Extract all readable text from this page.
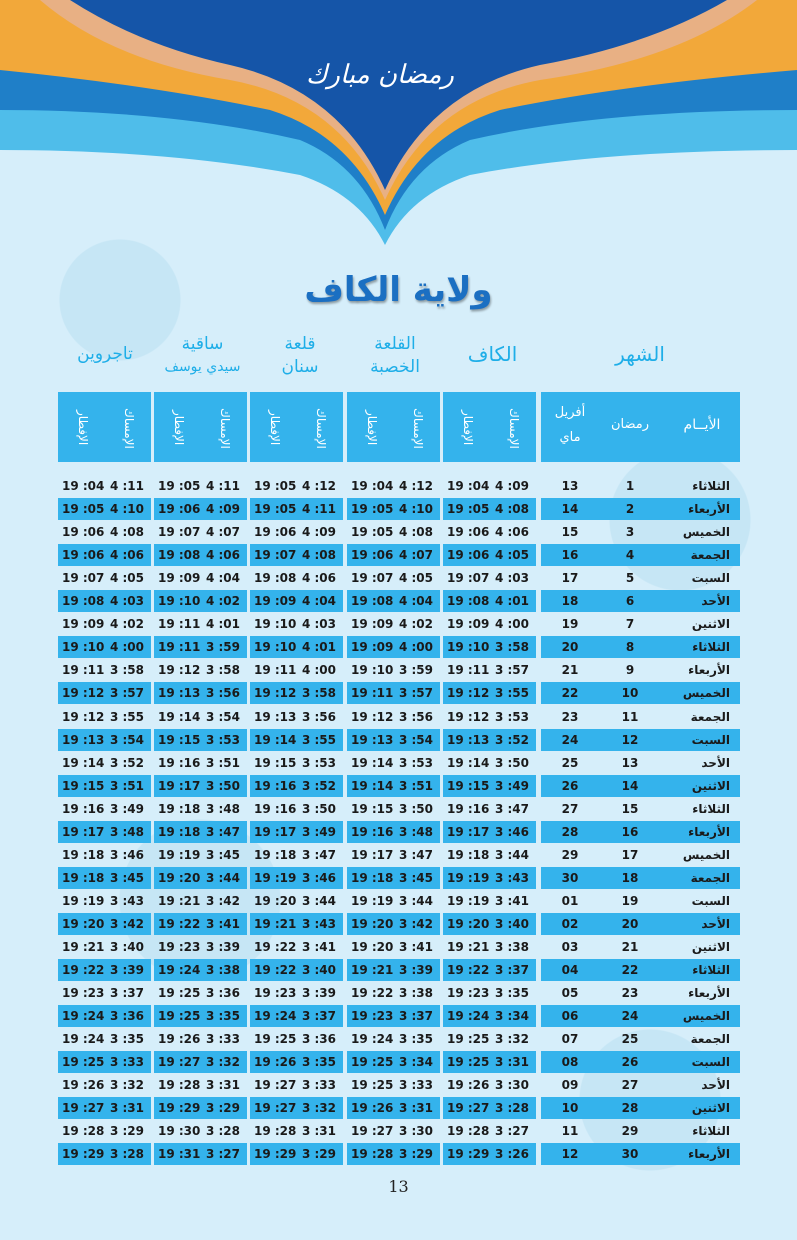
رمضان مبارك
ولاية الكاف
الشهر
الكاف
القلعة
الخصبة
قلعة
سنان
ساقية
سيدي يوسف
تاجروين
الأيــام
رمضان
أفريل
ماي
الإمساك
الإفطار
الإمساك
الإفطار
الإمساك
الإفطار
الإمساك
الإفطار
الإمساك
الإفطار
الثلاثاء
1
13
4 :09
19 :04
4 :12
19 :04
4 :12
19 :05
4 :11
19 :05
4 :11
19 :04
الأربعاء
2
14
4 :08
19 :05
4 :10
19 :05
4 :11
19 :05
4 :09
19 :06
4 :10
19 :05
الخميس
3
15
4 :06
19 :06
4 :08
19 :05
4 :09
19 :06
4 :07
19 :07
4 :08
19 :06
الجمعة
4
16
4 :05
19 :06
4 :07
19 :06
4 :08
19 :07
4 :06
19 :08
4 :06
19 :06
السبت
5
17
4 :03
19 :07
4 :05
19 :07
4 :06
19 :08
4 :04
19 :09
4 :05
19 :07
الأحد
6
18
4 :01
19 :08
4 :04
19 :08
4 :04
19 :09
4 :02
19 :10
4 :03
19 :08
الاثنين
7
19
4 :00
19 :09
4 :02
19 :09
4 :03
19 :10
4 :01
19 :11
4 :02
19 :09
الثلاثاء
8
20
3 :58
19 :10
4 :00
19 :09
4 :01
19 :10
3 :59
19 :11
4 :00
19 :10
الأربعاء
9
21
3 :57
19 :11
3 :59
19 :10
4 :00
19 :11
3 :58
19 :12
3 :58
19 :11
الخميس
10
22
3 :55
19 :12
3 :57
19 :11
3 :58
19 :12
3 :56
19 :13
3 :57
19 :12
الجمعة
11
23
3 :53
19 :12
3 :56
19 :12
3 :56
19 :13
3 :54
19 :14
3 :55
19 :12
السبت
12
24
3 :52
19 :13
3 :54
19 :13
3 :55
19 :14
3 :53
19 :15
3 :54
19 :13
الأحد
13
25
3 :50
19 :14
3 :53
19 :14
3 :53
19 :15
3 :51
19 :16
3 :52
19 :14
الاثنين
14
26
3 :49
19 :15
3 :51
19 :14
3 :52
19 :16
3 :50
19 :17
3 :51
19 :15
الثلاثاء
15
27
3 :47
19 :16
3 :50
19 :15
3 :50
19 :16
3 :48
19 :18
3 :49
19 :16
الأربعاء
16
28
3 :46
19 :17
3 :48
19 :16
3 :49
19 :17
3 :47
19 :18
3 :48
19 :17
الخميس
17
29
3 :44
19 :18
3 :47
19 :17
3 :47
19 :18
3 :45
19 :19
3 :46
19 :18
الجمعة
18
30
3 :43
19 :19
3 :45
19 :18
3 :46
19 :19
3 :44
19 :20
3 :45
19 :18
السبت
19
01
3 :41
19 :19
3 :44
19 :19
3 :44
19 :20
3 :42
19 :21
3 :43
19 :19
الأحد
20
02
3 :40
19 :20
3 :42
19 :20
3 :43
19 :21
3 :41
19 :22
3 :42
19 :20
الاثنين
21
03
3 :38
19 :21
3 :41
19 :20
3 :41
19 :22
3 :39
19 :23
3 :40
19 :21
الثلاثاء
22
04
3 :37
19 :22
3 :39
19 :21
3 :40
19 :22
3 :38
19 :24
3 :39
19 :22
الأربعاء
23
05
3 :35
19 :23
3 :38
19 :22
3 :39
19 :23
3 :36
19 :25
3 :37
19 :23
الخميس
24
06
3 :34
19 :24
3 :37
19 :23
3 :37
19 :24
3 :35
19 :25
3 :36
19 :24
الجمعة
25
07
3 :32
19 :25
3 :35
19 :24
3 :36
19 :25
3 :33
19 :26
3 :35
19 :24
السبت
26
08
3 :31
19 :25
3 :34
19 :25
3 :35
19 :26
3 :32
19 :27
3 :33
19 :25
الأحد
27
09
3 :30
19 :26
3 :33
19 :25
3 :33
19 :27
3 :31
19 :28
3 :32
19 :26
الاثنين
28
10
3 :28
19 :27
3 :31
19 :26
3 :32
19 :27
3 :29
19 :29
3 :31
19 :27
الثلاثاء
29
11
3 :27
19 :28
3 :30
19 :27
3 :31
19 :28
3 :28
19 :30
3 :29
19 :28
الأربعاء
30
12
3 :26
19 :29
3 :29
19 :28
3 :29
19 :29
3 :27
19 :31
3 :28
19 :29
13
